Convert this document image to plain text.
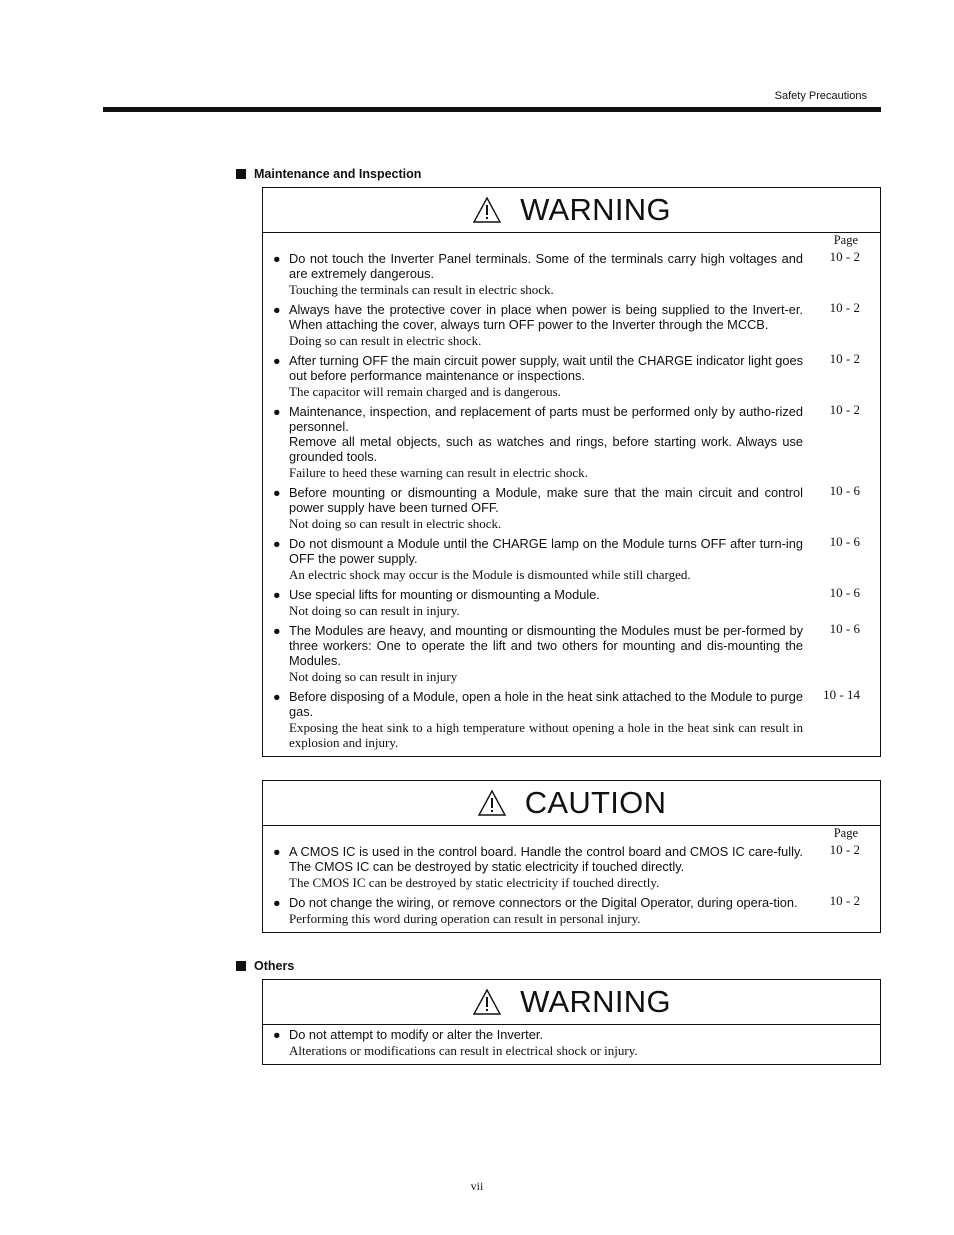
Safety Precautions
Maintenance and Inspection
WARNING
Page
● Do not touch the Inverter Panel terminals. Some of the terminals carry high voltages and are extremely dangerous.
Touching the terminals can result in electric shock.
10 - 2
● Always have the protective cover in place when power is being supplied to the Invert-er. When attaching the cover, always turn OFF power to the Inverter through the MCCB.
Doing so can result in electric shock.
10 - 2
● After turning OFF the main circuit power supply, wait until the CHARGE indicator light goes out before performance maintenance or inspections.
The capacitor will remain charged and is dangerous.
10 - 2
● Maintenance, inspection, and replacement of parts must be performed only by autho-rized personnel.
Remove all metal objects, such as watches and rings, before starting work. Always use grounded tools.
Failure to heed these warning can result in electric shock.
10 - 2
● Before mounting or dismounting a Module, make sure that the main circuit and control power supply have been turned OFF.
Not doing so can result in electric shock.
10 - 6
● Do not dismount a Module until the CHARGE lamp on the Module turns OFF after turn-ing OFF the power supply.
An electric shock may occur is the Module is dismounted while still charged.
10 - 6
● Use special lifts for mounting or dismounting a Module.
Not doing so can result in injury.
10 - 6
● The Modules are heavy, and mounting or dismounting the Modules must be per-formed by three workers: One to operate the lift and two others for mounting and dis-mounting the Modules.
Not doing so can result in injury
10 - 6
● Before disposing of a Module, open a hole in the heat sink attached to the Module to purge gas.
Exposing the heat sink to a high temperature without opening a hole in the heat sink can result in explosion and injury.
10 - 14
CAUTION
Page
● A CMOS IC is used in the control board. Handle the control board and CMOS IC care-fully. The CMOS IC can be destroyed by static electricity if touched directly.
The CMOS IC can be destroyed by static electricity if touched directly.
10 - 2
● Do not change the wiring, or remove connectors or the Digital Operator, during opera-tion.
Performing this word during operation can result in personal injury.
10 - 2
Others
WARNING
● Do not attempt to modify or alter the Inverter.
Alterations or modifications can result in electrical shock or injury.
vii
